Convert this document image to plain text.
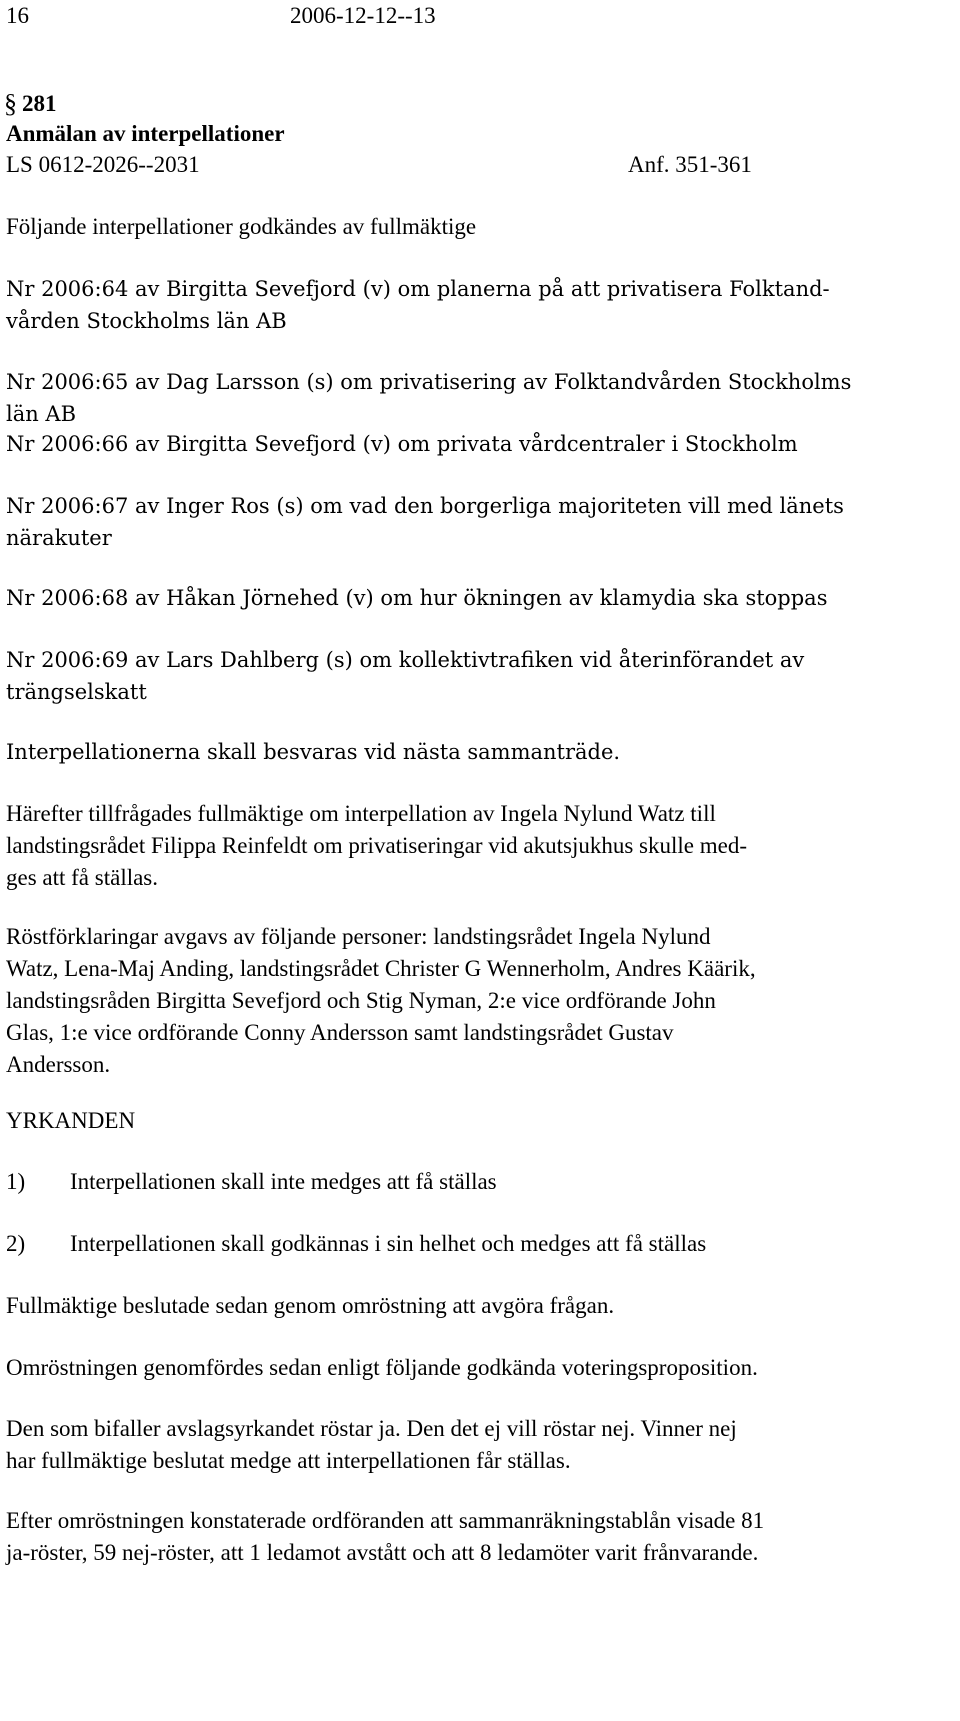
16	2006-12-12--13
§ 281
Anmälan av interpellationer
LS 0612-2026--2031	Anf. 351-361
Följande interpellationer godkändes av fullmäktige
Nr 2006:64 av Birgitta Sevefjord (v) om planerna på att privatisera Folktand-
vården Stockholms län AB
Nr 2006:65 av Dag Larsson (s) om privatisering av Folktandvården Stockholms
län AB
Nr 2006:66 av Birgitta Sevefjord (v) om privata vårdcentraler i Stockholm
Nr 2006:67 av Inger Ros (s) om vad den borgerliga majoriteten vill med länets
närakuter
Nr 2006:68 av Håkan Jörnehed (v) om hur ökningen av klamydia ska stoppas
Nr 2006:69 av Lars Dahlberg (s) om kollektivtrafiken vid återinförandet av
trängselskatt
Interpellationerna skall besvaras vid nästa sammanträde.
Härefter tillfrågades fullmäktige om interpellation av Ingela Nylund Watz till
landstingsrådet Filippa Reinfeldt om privatiseringar vid akutsjukhus skulle med-
ges att få ställas.
Röstförklaringar avgavs av följande personer: landstingsrådet Ingela Nylund
Watz, Lena-Maj Anding, landstingsrådet Christer G Wennerholm, Andres Käärik,
landstingsråden Birgitta Sevefjord och Stig Nyman, 2:e vice ordförande John
Glas, 1:e vice ordförande Conny Andersson samt landstingsrådet Gustav
Andersson.
YRKANDEN
1) Interpellationen skall inte medges att få ställas
2) Interpellationen skall godkännas i sin helhet och medges att få ställas
Fullmäktige beslutade sedan genom omröstning att avgöra frågan.
Omröstningen genomfördes sedan enligt följande godkända voteringsproposition.
Den som bifaller avslagsyrkandet röstar ja. Den det ej vill röstar nej. Vinner nej
har fullmäktige beslutat medge att interpellationen får ställas.
Efter omröstningen konstaterade ordföranden att sammanräkningstablån visade 81
ja-röster, 59 nej-röster, att 1 ledamot avstått och att 8 ledamöter varit frånvarande.
